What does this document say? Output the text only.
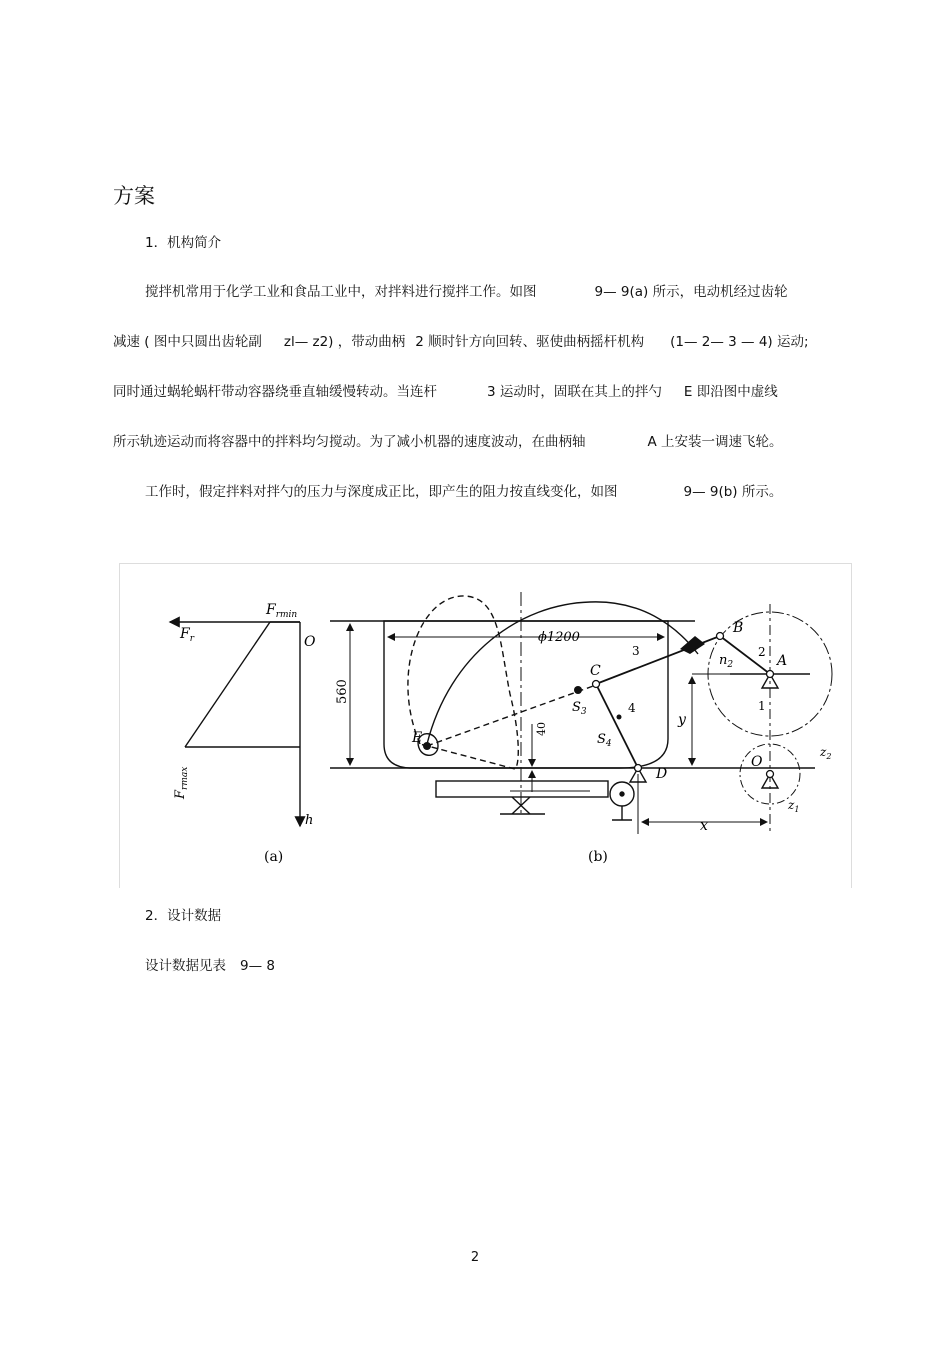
方案
1．机构简介
搅拌机常用于化学工业和食品工业中，对拌料进行搅拌工作。如图	9— 9(a) 所示，电动机经过齿轮
减速 ( 图中只圆出齿轮副 zl— z2) ，带动曲柄 2 顺时针方向回转、驱使曲柄摇杆机构 (1— 2— 3 — 4) 运动;
同时通过蜗轮蜗杆带动容器绕垂直轴缓慢转动。当连杆	3 运动时，固联在其上的拌勺 E 即沿图中虚线
所示轨迹运动而将容器中的拌料均匀搅动。为了减小机器的速度波动，在曲柄轴	A 上安装一调速飞轮。
工作时，假定拌料对拌勺的压力与深度成正比，即产生的阻力按直线变化，如图	9— 9(b) 所示。
$F_r$
$F_{rmin}$
O
h
$F_{rmax}$
(a)
ϕ1200
560
40
E
C
$S_3$
$S_4$
3
4
B
A
$n_2$
2
1
D
O
x
y
$z_2$
$z_1$
(b)
2．设计数据
设计数据见表 9— 8
2
